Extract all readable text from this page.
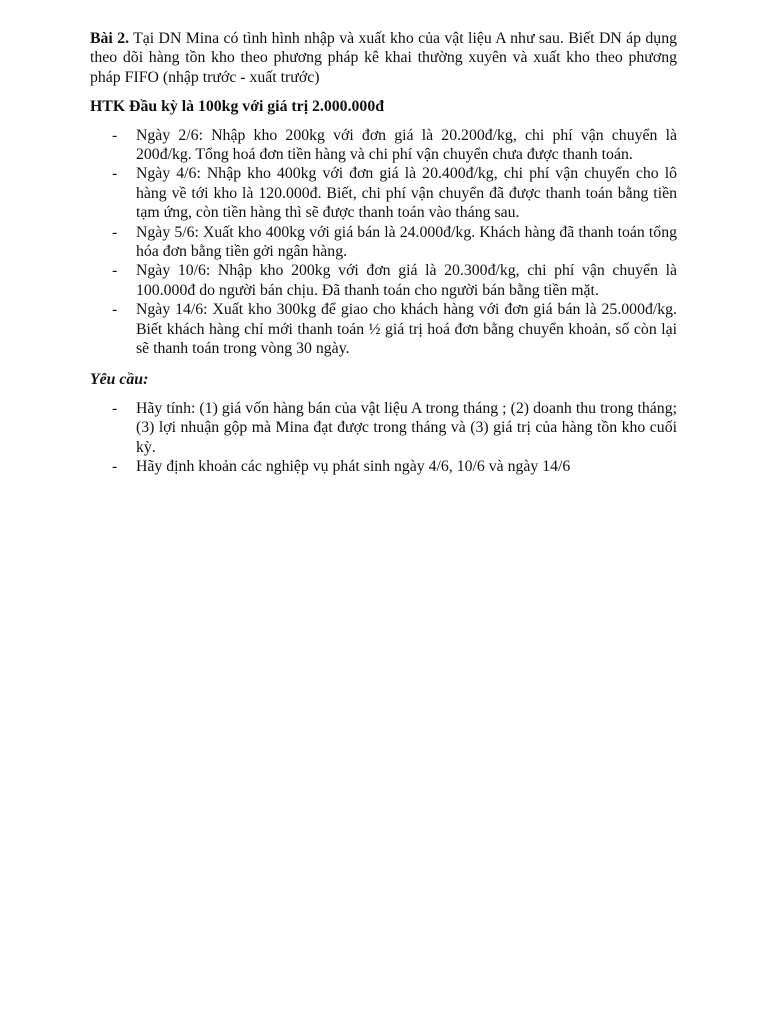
Bài 2. Tại DN Mina có tình hình nhập và xuất kho của vật liệu A như sau. Biết DN áp dụng theo dõi hàng tồn kho theo phương pháp kê khai thường xuyên và xuất kho theo phương pháp FIFO (nhập trước - xuất trước)

HTK Đầu kỳ là 100kg với giá trị 2.000.000đ

- Ngày 2/6: Nhập kho 200kg với đơn giá là 20.200đ/kg, chi phí vận chuyển là 200đ/kg. Tổng hoá đơn tiền hàng và chi phí vận chuyển chưa được thanh toán.
- Ngày 4/6: Nhập kho 400kg với đơn giá là 20.400đ/kg, chi phí vận chuyển cho lô hàng về tới kho là 120.000đ. Biết, chi phí vận chuyển đã được thanh toán bằng tiền tạm ứng, còn tiền hàng thì sẽ được thanh toán vào tháng sau.
- Ngày 5/6: Xuất kho 400kg với giá bán là 24.000đ/kg. Khách hàng đã thanh toán tổng hóa đơn bằng tiền gởi ngân hàng.
- Ngày 10/6: Nhập kho 200kg với đơn giá là 20.300đ/kg, chi phí vận chuyển là 100.000đ do người bán chịu. Đã thanh toán cho người bán bằng tiền mặt.
- Ngày 14/6: Xuất kho 300kg để giao cho khách hàng với đơn giá bán là 25.000đ/kg. Biết khách hàng chỉ mới thanh toán ½ giá trị hoá đơn bằng chuyển khoản, số còn lại sẽ thanh toán trong vòng 30 ngày.

Yêu cầu:

- Hãy tính: (1) giá vốn hàng bán của vật liệu A trong tháng ; (2) doanh thu trong tháng; (3) lợi nhuận gộp mà Mina đạt được trong tháng và (3) giá trị của hàng tồn kho cuối kỳ.
- Hãy định khoản các nghiệp vụ phát sinh ngày 4/6, 10/6 và ngày 14/6
